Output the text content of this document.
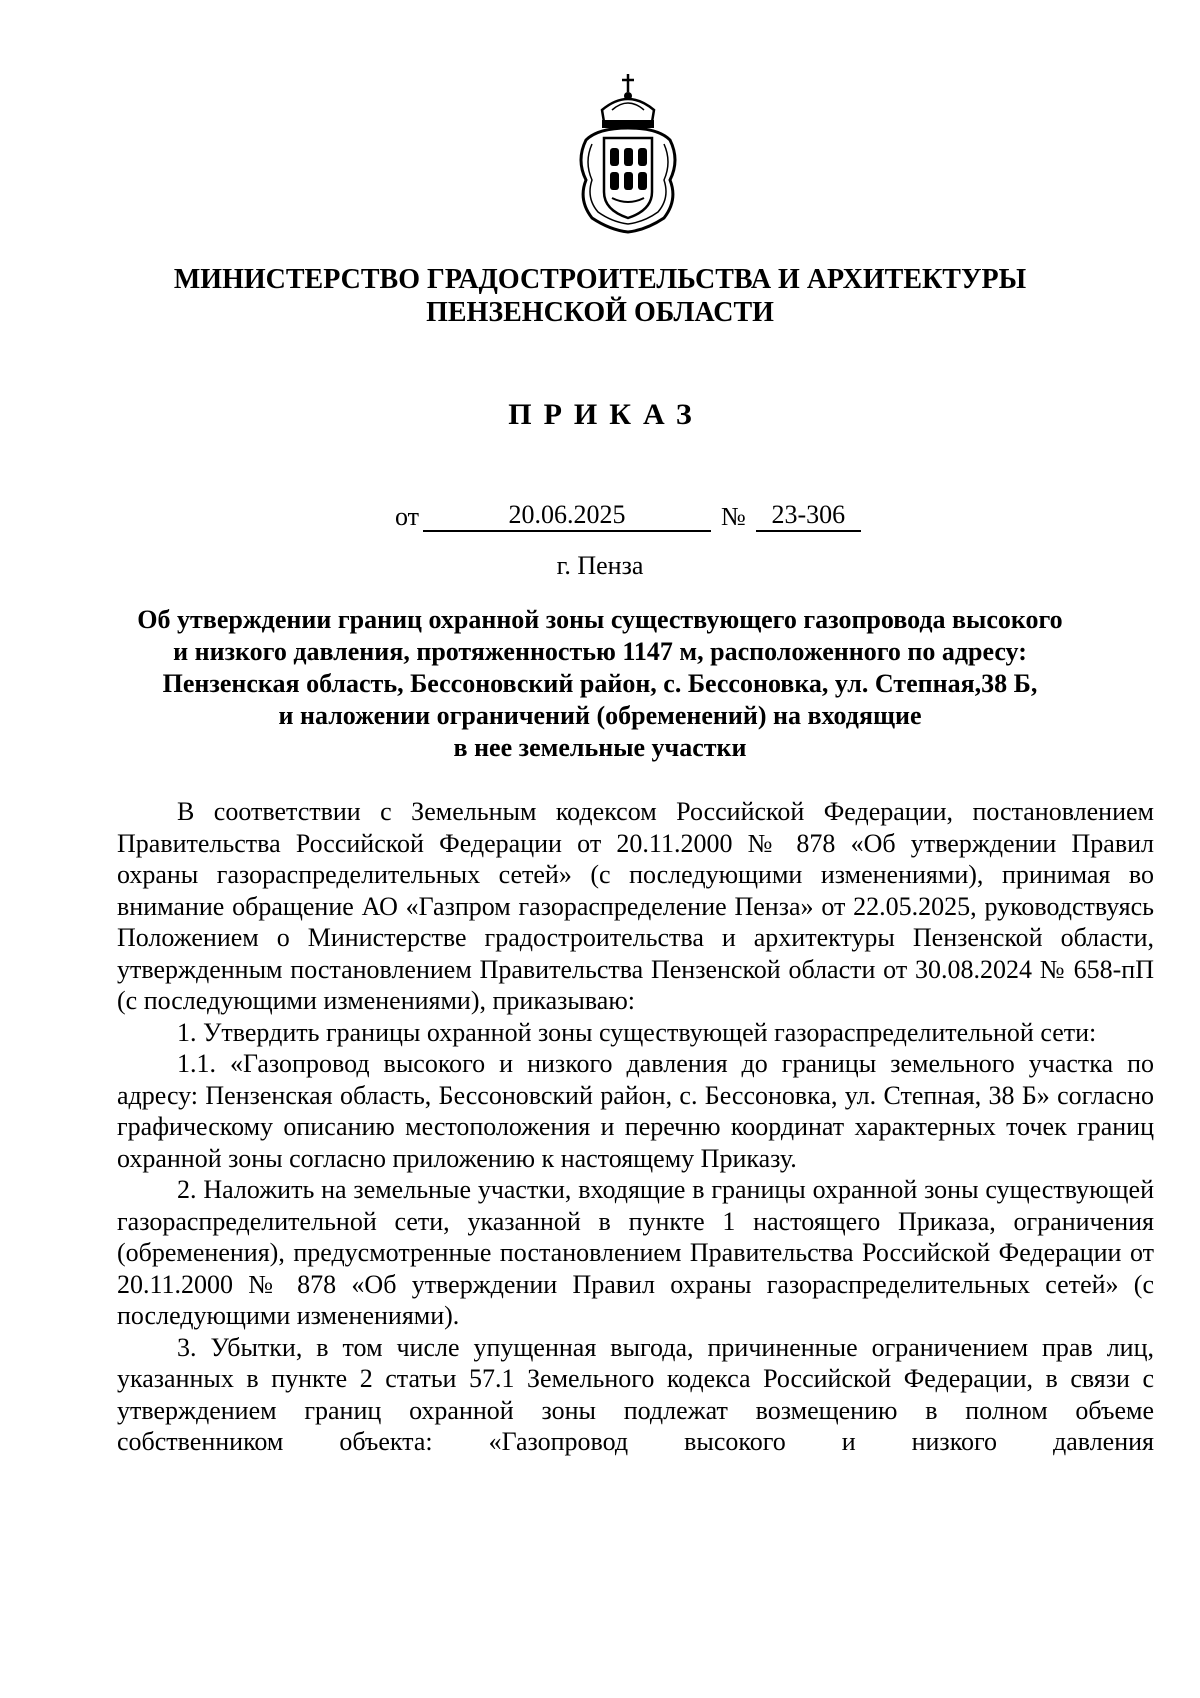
МИНИСТЕРСТВО ГРАДОСТРОИТЕЛЬСТВА И АРХИТЕКТУРЫ
ПЕНЗЕНСКОЙ ОБЛАСТИ
ПРИКАЗ
от	20.06.2025	№ 23-306
г. Пенза
Об утверждении границ охранной зоны существующего газопровода высокого
и низкого давления, протяженностью 1147 м, расположенного по адресу:
Пензенская область, Бессоновский район, с. Бессоновка, ул. Степная,38 Б,
и наложении ограничений (обременений) на входящие
в нее земельные участки

В соответствии с Земельным кодексом Российской Федерации, постановлением Правительства Российской Федерации от 20.11.2000 № 878 «Об утверждении Правил охраны газораспределительных сетей» (с последующими изменениями), принимая во внимание обращение АО «Газпром газораспределение Пенза» от 22.05.2025, руководствуясь Положением о Министерстве градостроительства и архитектуры Пензенской области, утвержденным постановлением Правительства Пензенской области от 30.08.2024 № 658-пП (с последующими изменениями), приказываю:

1. Утвердить границы охранной зоны существующей газораспределительной сети:

1.1. «Газопровод высокого и низкого давления до границы земельного участка по адресу: Пензенская область, Бессоновский район, с. Бессоновка, ул. Степная, 38 Б» согласно графическому описанию местоположения и перечню координат характерных точек границ охранной зоны согласно приложению к настоящему Приказу.

2. Наложить на земельные участки, входящие в границы охранной зоны существующей газораспределительной сети, указанной в пункте 1 настоящего Приказа, ограничения (обременения), предусмотренные постановлением Правительства Российской Федерации от 20.11.2000 № 878 «Об утверждении Правил охраны газораспределительных сетей» (с последующими изменениями).

3. Убытки, в том числе упущенная выгода, причиненные ограничением прав лиц, указанных в пункте 2 статьи 57.1 Земельного кодекса Российской Федерации, в связи с утверждением границ охранной зоны подлежат возмещению в полном объеме собственником объекта: «Газопровод высокого и низкого давления
